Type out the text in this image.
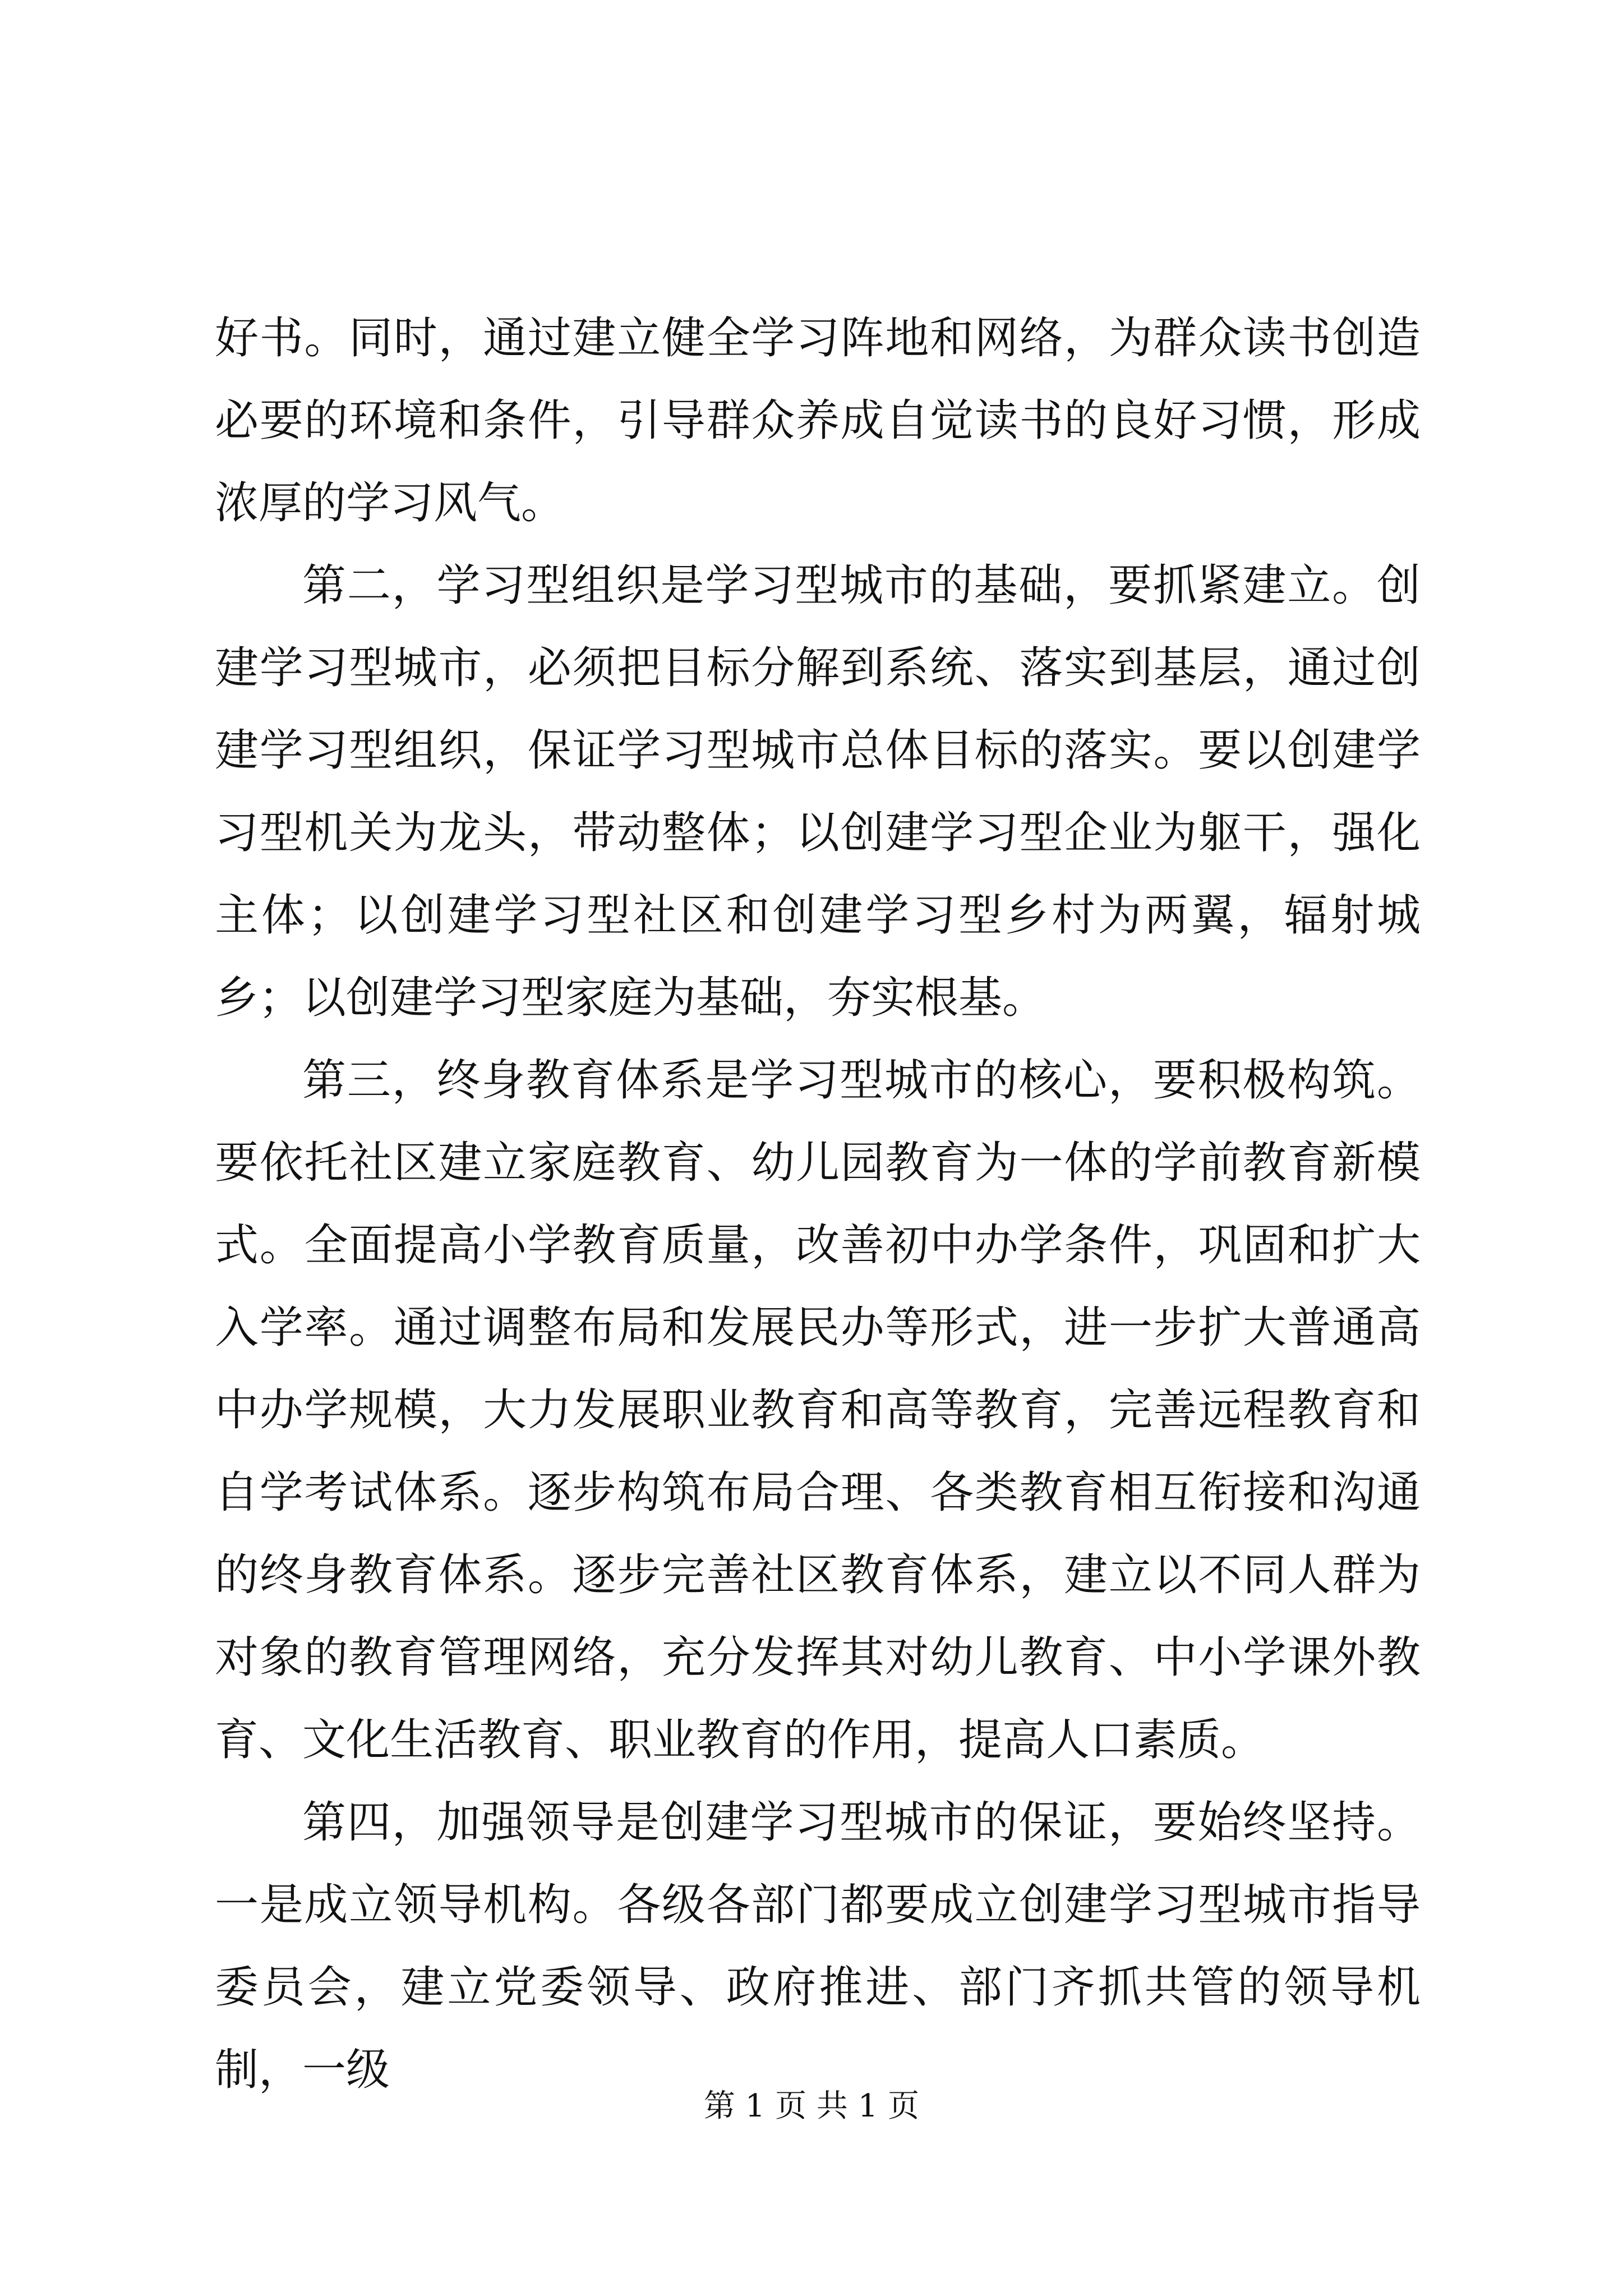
好书。同时，通过建立健全学习阵地和网络，为群众读书创造必要的环境和条件，引导群众养成自觉读书的良好习惯，形成浓厚的学习风气。

第二，学习型组织是学习型城市的基础，要抓紧建立。创建学习型城市，必须把目标分解到系统、落实到基层，通过创建学习型组织，保证学习型城市总体目标的落实。要以创建学习型机关为龙头，带动整体；以创建学习型企业为躯干，强化主体；以创建学习型社区和创建学习型乡村为两翼，辐射城乡；以创建学习型家庭为基础，夯实根基。

第三，终身教育体系是学习型城市的核心，要积极构筑。要依托社区建立家庭教育、幼儿园教育为一体的学前教育新模式。全面提高小学教育质量，改善初中办学条件，巩固和扩大入学率。通过调整布局和发展民办等形式，进一步扩大普通高中办学规模，大力发展职业教育和高等教育，完善远程教育和自学考试体系。逐步构筑布局合理、各类教育相互衔接和沟通的终身教育体系。逐步完善社区教育体系，建立以不同人群为对象的教育管理网络，充分发挥其对幼儿教育、中小学课外教育、文化生活教育、职业教育的作用，提高人口素质。

第四，加强领导是创建学习型城市的保证，要始终坚持。一是成立领导机构。各级各部门都要成立创建学习型城市指导委员会，建立党委领导、政府推进、部门齐抓共管的领导机制，一级

第 1 页 共 1 页
